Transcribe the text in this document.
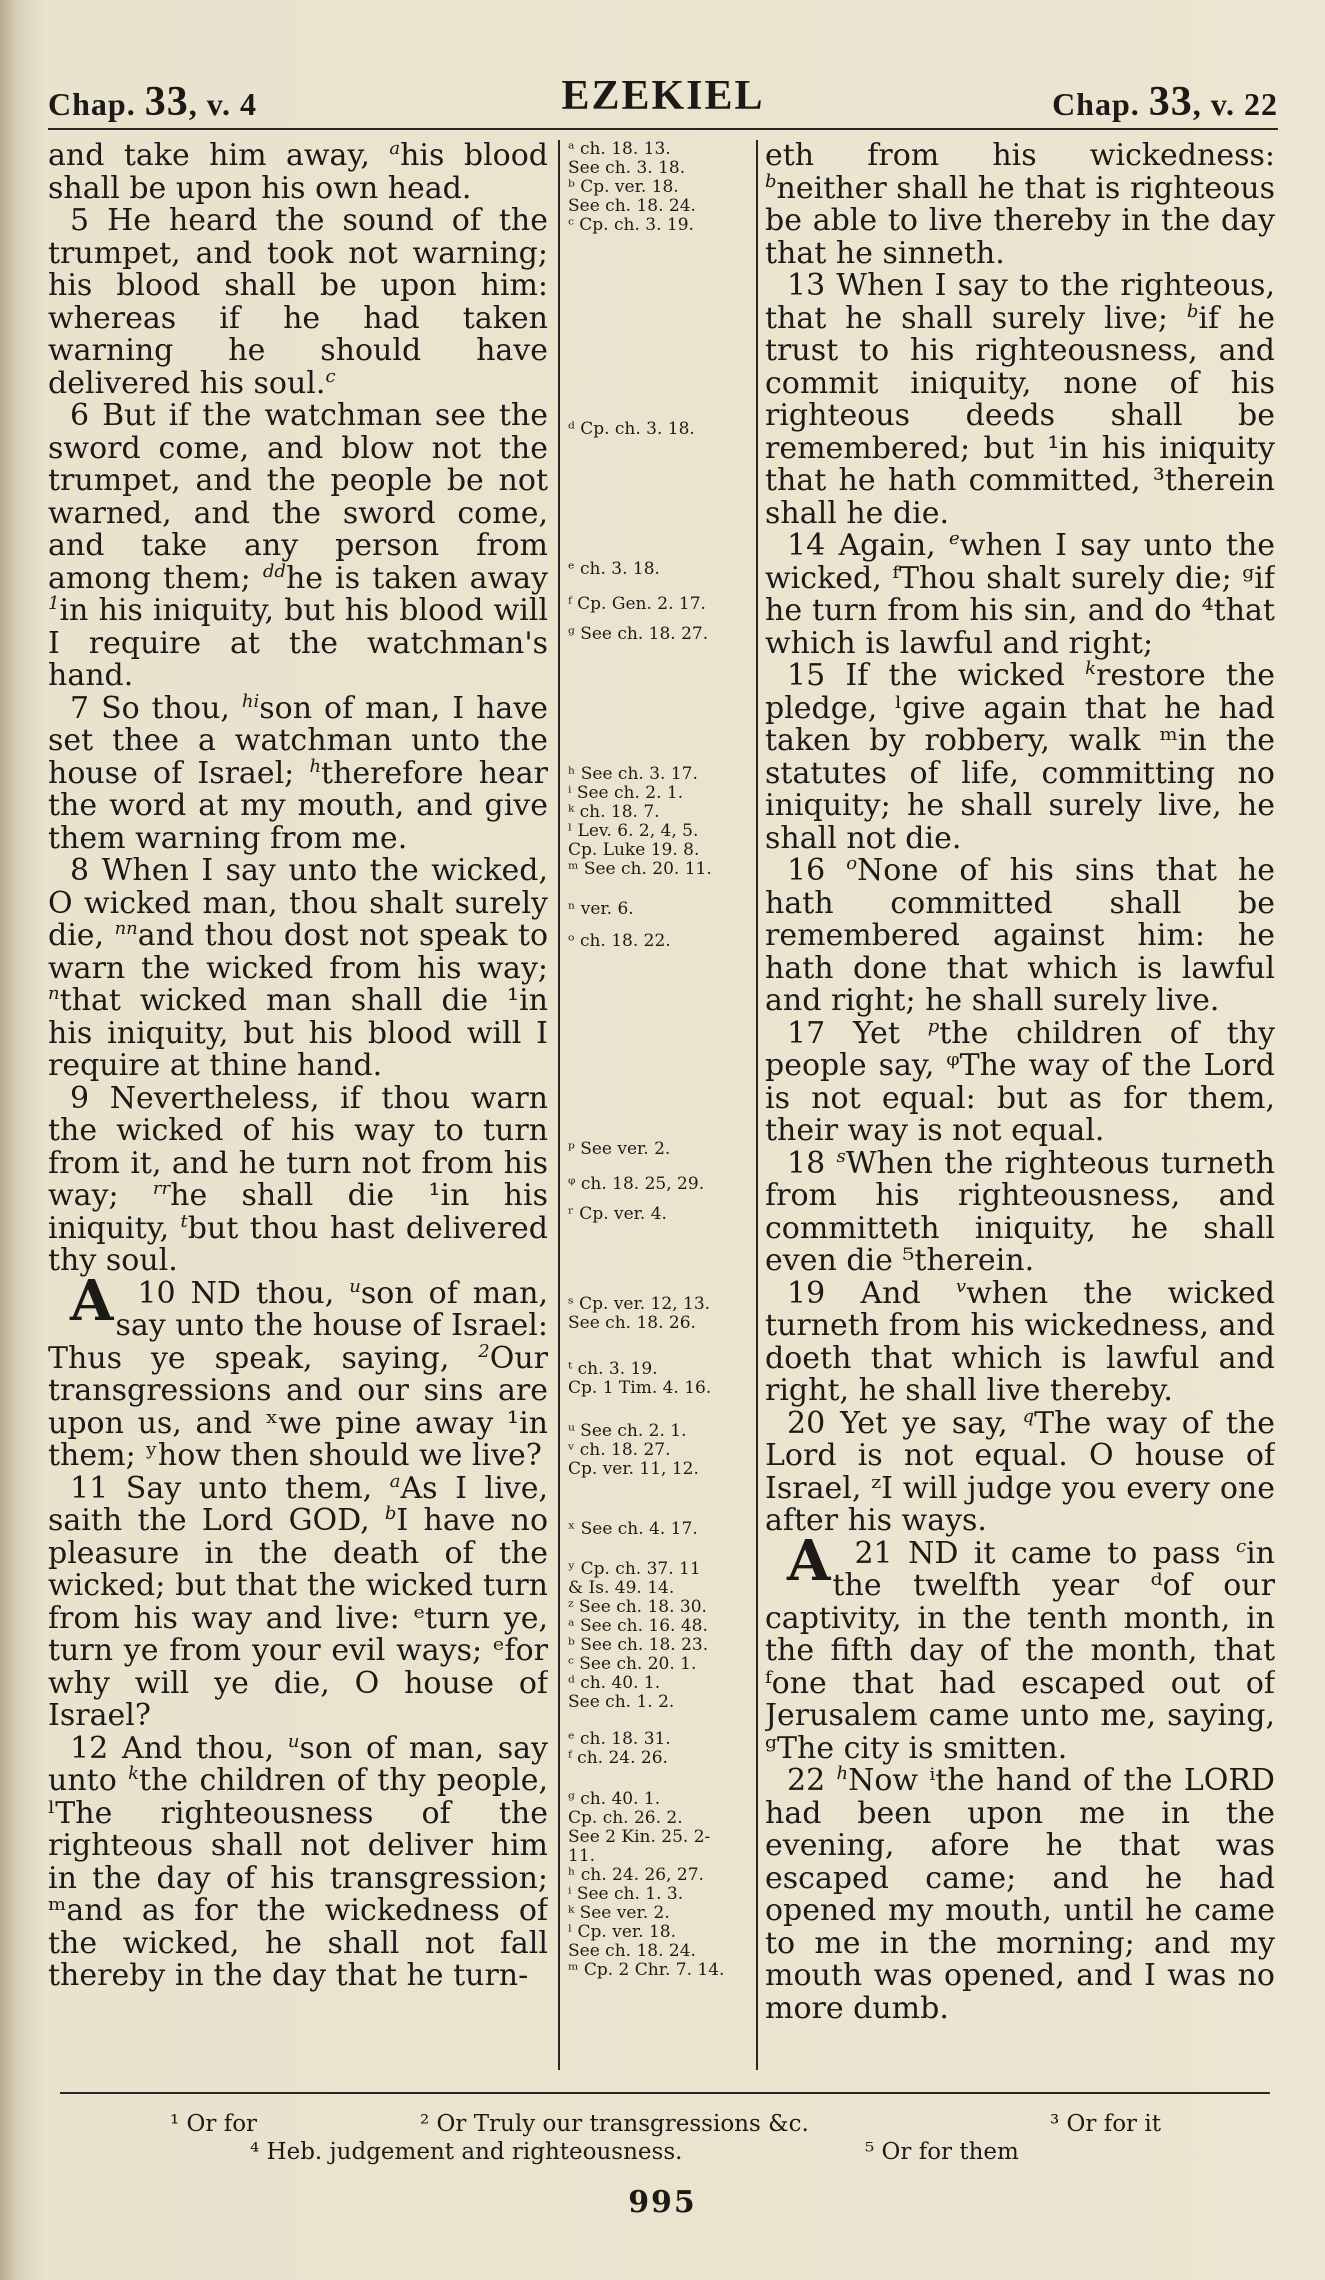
Chap. 33, v. 4	EZEKIEL	Chap. 33, v. 22

and take him away, $^a$his blood shall be upon his own head.

5 He heard the sound of the trumpet, and took not warning; his blood shall be upon him: whereas if he had taken warning he should have delivered his soul.$^c$

6 But if the watchman see the sword come, and blow not the trumpet, and the people be not warned, and the sword come, and take any person from among them; $^{dd}$he is taken away $^1$in his iniquity, but his blood will I require at the watchman's hand.

7 So thou, $^{hi}$son of man, I have set thee a watchman unto the house of Israel; $^h$therefore hear the word at my mouth, and give them warning from me.

8 When I say unto the wicked, O wicked man, thou shalt surely die, $^{nn}$and thou dost not speak to warn the wicked from his way; $^n$that wicked man shall die ¹in his iniquity, but his blood will I require at thine hand.

9 Nevertheless, if thou warn the wicked of his way to turn from it, and he turn not from his way; $^{rr}$he shall die ¹in his iniquity, $^t$but thou hast delivered thy soul.

10
A	ND thou, $^u$son of man, say unto the house of Israel: Thus ye speak, saying, $^2$Our transgressions and our sins are upon us, and ˣwe pine away ¹in them; ʸhow then should we live?

11 Say unto them, $^a$As I live, saith the Lord GOD, $^b$I have no pleasure in the death of the wicked; but that the wicked turn from his way and live: ᵉturn ye, turn ye from your evil ways; ᵉfor why will ye die, O house of Israel?

12 And thou, $^u$son of man, say unto $^k$the children of thy people, ˡThe righteousness of the righteous shall not deliver him in the day of his transgression; ᵐand as for the wickedness of the wicked, he shall not fall thereby in the day that he turn-

ᵃ ch. 18. 13.
See ch. 3. 18.
ᵇ Cp. ver. 18.
See ch. 18. 24.
ᶜ Cp. ch. 3. 19.
ᵈ Cp. ch. 3. 18.
ᵉ ch. 3. 18.
ᶠ Cp. Gen. 2. 17.
ᵍ See ch. 18. 27.
ʰ See ch. 3. 17.
ⁱ See ch. 2. 1.
ᵏ ch. 18. 7.
ˡ Lev. 6. 2, 4, 5.
Cp. Luke 19. 8.
ᵐ See ch. 20. 11.
ⁿ ver. 6.
ᵒ ch. 18. 22.
ᵖ See ver. 2.
ᵠ ch. 18. 25, 29.
ʳ Cp. ver. 4.
ˢ Cp. ver. 12, 13.
See ch. 18. 26.
ᵗ ch. 3. 19.
Cp. 1 Tim. 4. 16.
ᵘ See ch. 2. 1.
ᵛ ch. 18. 27.
Cp. ver. 11, 12.
ˣ See ch. 4. 17.
ʸ Cp. ch. 37. 11
& Is. 49. 14.
ᶻ See ch. 18. 30.
ᵃ See ch. 16. 48.
ᵇ See ch. 18. 23.
ᶜ See ch. 20. 1.
ᵈ ch. 40. 1.
See ch. 1. 2.
ᵉ ch. 18. 31.
ᶠ ch. 24. 26.
ᵍ ch. 40. 1.
Cp. ch. 26. 2.
See 2 Kin. 25. 2-
11.
ʰ ch. 24. 26, 27.
ⁱ See ch. 1. 3.
ᵏ See ver. 2.
ˡ Cp. ver. 18.
See ch. 18. 24.
ᵐ Cp. 2 Chr. 7. 14.

eth from his wickedness: $^b$neither shall he that is righteous be able to live thereby in the day that he sinneth.

13 When I say to the righteous, that he shall surely live; $^b$if he trust to his righteousness, and commit iniquity, none of his righteous deeds shall be remembered; but ¹in his iniquity that he hath committed, ³therein shall he die.

14 Again, $^e$when I say unto the wicked, ᶠThou shalt surely die; ᵍif he turn from his sin, and do ⁴that which is lawful and right;

15 If the wicked $^k$restore the pledge, ˡgive again that he had taken by robbery, walk ᵐin the statutes of life, committing no iniquity; he shall surely live, he shall not die.

16 $^o$None of his sins that he hath committed shall be remembered against him: he hath done that which is lawful and right; he shall surely live.

17 Yet $^p$the children of thy people say, ᵠThe way of the Lord is not equal: but as for them, their way is not equal.

18 $^s$When the righteous turneth from his righteousness, and committeth iniquity, he shall even die ⁵therein.

19 And $^v$when the wicked turneth from his wickedness, and doeth that which is lawful and right, he shall live thereby.

20 Yet ye say, $^q$The way of the Lord is not equal. O house of Israel, ᶻI will judge you every one after his ways.

21
A	ND it came to pass $^c$in the twelfth year ᵈof our captivity, in the tenth month, in the fifth day of the month, that ᶠone that had escaped out of Jerusalem came unto me, saying, ᵍThe city is smitten.

22 $^h$Now ⁱthe hand of the LORD had been upon me in the evening, afore he that was escaped came; and he had opened my mouth, until he came to me in the morning; and my mouth was opened, and I was no more dumb.

¹ Or for	² Or Truly our transgressions &c.	³ Or for it
⁴ Heb. judgement and righteousness.	⁵ Or for them
995
